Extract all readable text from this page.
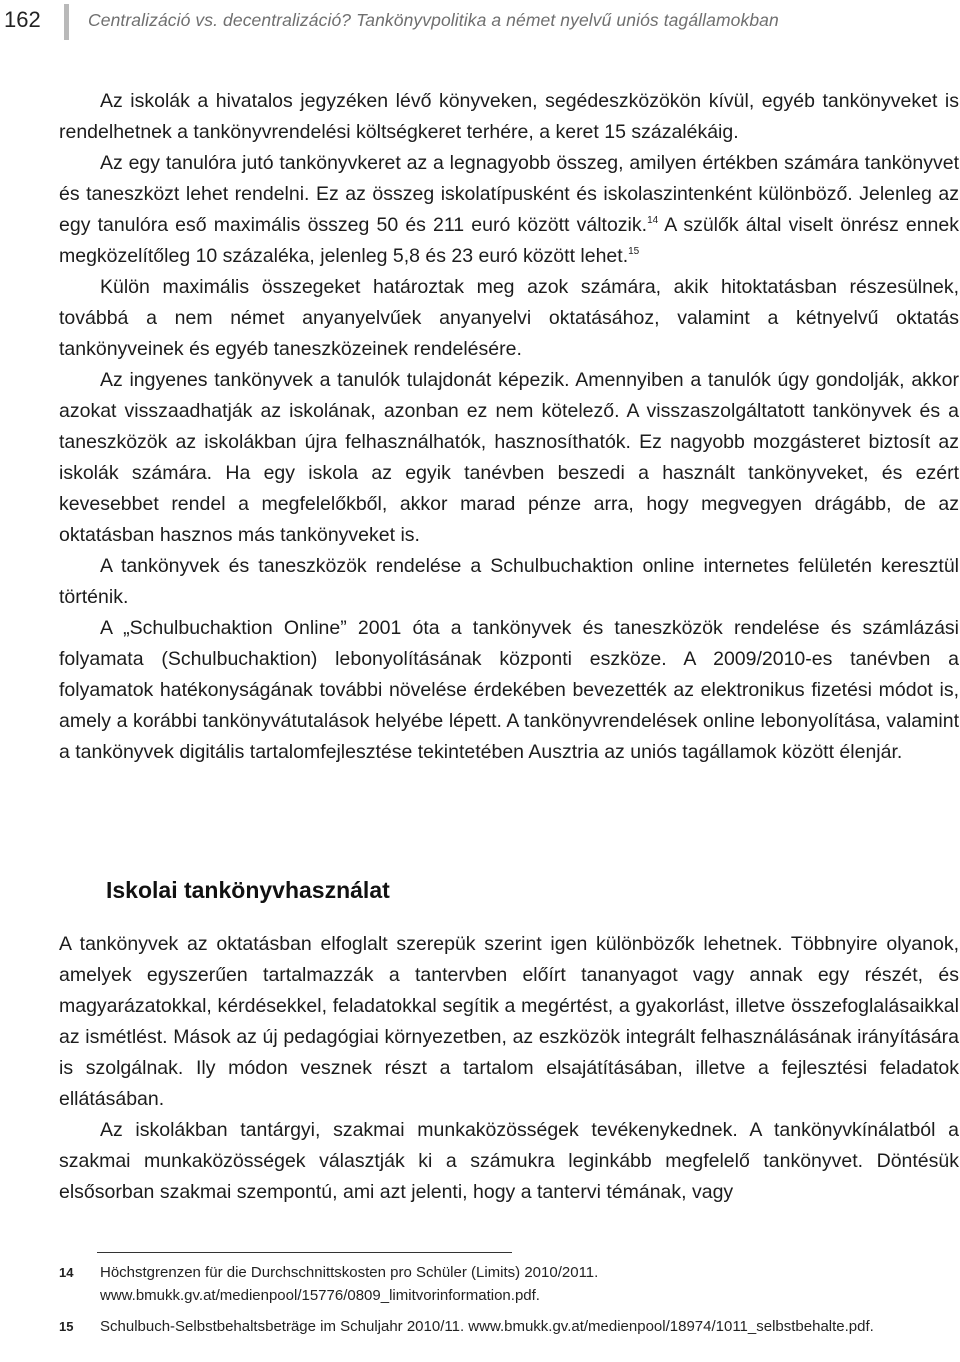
162	Centralizáció vs. decentralizáció? Tankönyvpolitika a német nyelvű uniós tagállamokban

Az iskolák a hivatalos jegyzéken lévő könyveken, segédeszközökön kívül, egyéb tankönyveket is rendelhetnek a tankönyvrendelési költségkeret terhére, a keret 15 százalékáig.

Az egy tanulóra jutó tankönyvkeret az a legnagyobb összeg, amilyen értékben számára tankönyvet és taneszközt lehet rendelni. Ez az összeg iskolatípusként és iskolaszintenként különböző. Jelenleg az egy tanulóra eső maximális összeg 50 és 211 euró között változik.$^{14}$ A szülők által viselt önrész ennek megközelítőleg 10 százaléka, jelenleg 5,8 és 23 euró között lehet.$^{15}$

Külön maximális összegeket határoztak meg azok számára, akik hitoktatásban részesülnek, továbbá a nem német anyanyelvűek anyanyelvi oktatásához, valamint a kétnyelvű oktatás tankönyveinek és egyéb taneszközeinek rendelésére.

Az ingyenes tankönyvek a tanulók tulajdonát képezik. Amennyiben a tanulók úgy gondolják, akkor azokat visszaadhatják az iskolának, azonban ez nem kötelező. A visszaszolgáltatott tankönyvek és a taneszközök az iskolákban újra felhasználhatók, hasznosíthatók. Ez nagyobb mozgásteret biztosít az iskolák számára. Ha egy iskola az egyik tanévben beszedi a használt tankönyveket, és ezért kevesebbet rendel a megfelelőkből, akkor marad pénze arra, hogy megvegyen drágább, de az oktatásban hasznos más tankönyveket is.

A tankönyvek és taneszközök rendelése a Schulbuchaktion online internetes felületén keresztül történik.

A „Schulbuchaktion Online” 2001 óta a tankönyvek és taneszközök rendelése és számlázási folyamata (Schulbuchaktion) lebonyolításának központi eszköze. A 2009/2010-es tanévben a folyamatok hatékonyságának további növelése érdekében bevezették az elektronikus fizetési módot is, amely a korábbi tankönyvátutalások helyébe lépett. A tankönyvrendelések online lebonyolítása, valamint a tankönyvek digitális tartalomfejlesztése tekintetében Ausztria az uniós tagállamok között élenjár.

Iskolai tankönyvhasználat

A tankönyvek az oktatásban elfoglalt szerepük szerint igen különbözők lehetnek. Többnyire olyanok, amelyek egyszerűen tartalmazzák a tantervben előírt tananyagot vagy annak egy részét, és magyarázatokkal, kérdésekkel, feladatokkal segítik a megértést, a gyakorlást, illetve összefoglalásaikkal az ismétlést. Mások az új pedagógiai környezetben, az eszközök integrált felhasználásának irányítására is szolgálnak. Ily módon vesznek részt a tartalom elsajátításában, illetve a fejlesztési feladatok ellátásában.

Az iskolákban tantárgyi, szakmai munkaközösségek tevékenykednek. A tankönyvkínálatból a szakmai munkaközösségek választják ki a számukra leginkább megfelelő tankönyvet. Döntésük elsősorban szakmai szempontú, ami azt jelenti, hogy a tantervi témának, vagy

14 Höchstgrenzen für die Durchschnittskosten pro Schüler (Limits) 2010/2011. www.bmukk.gv.at/medienpool/15776/0809_limitvorinformation.pdf.
15 Schulbuch-Selbstbehaltsbeträge im Schuljahr 2010/11. www.bmukk.gv.at/medienpool/18974/1011_selbstbehalte.pdf.
